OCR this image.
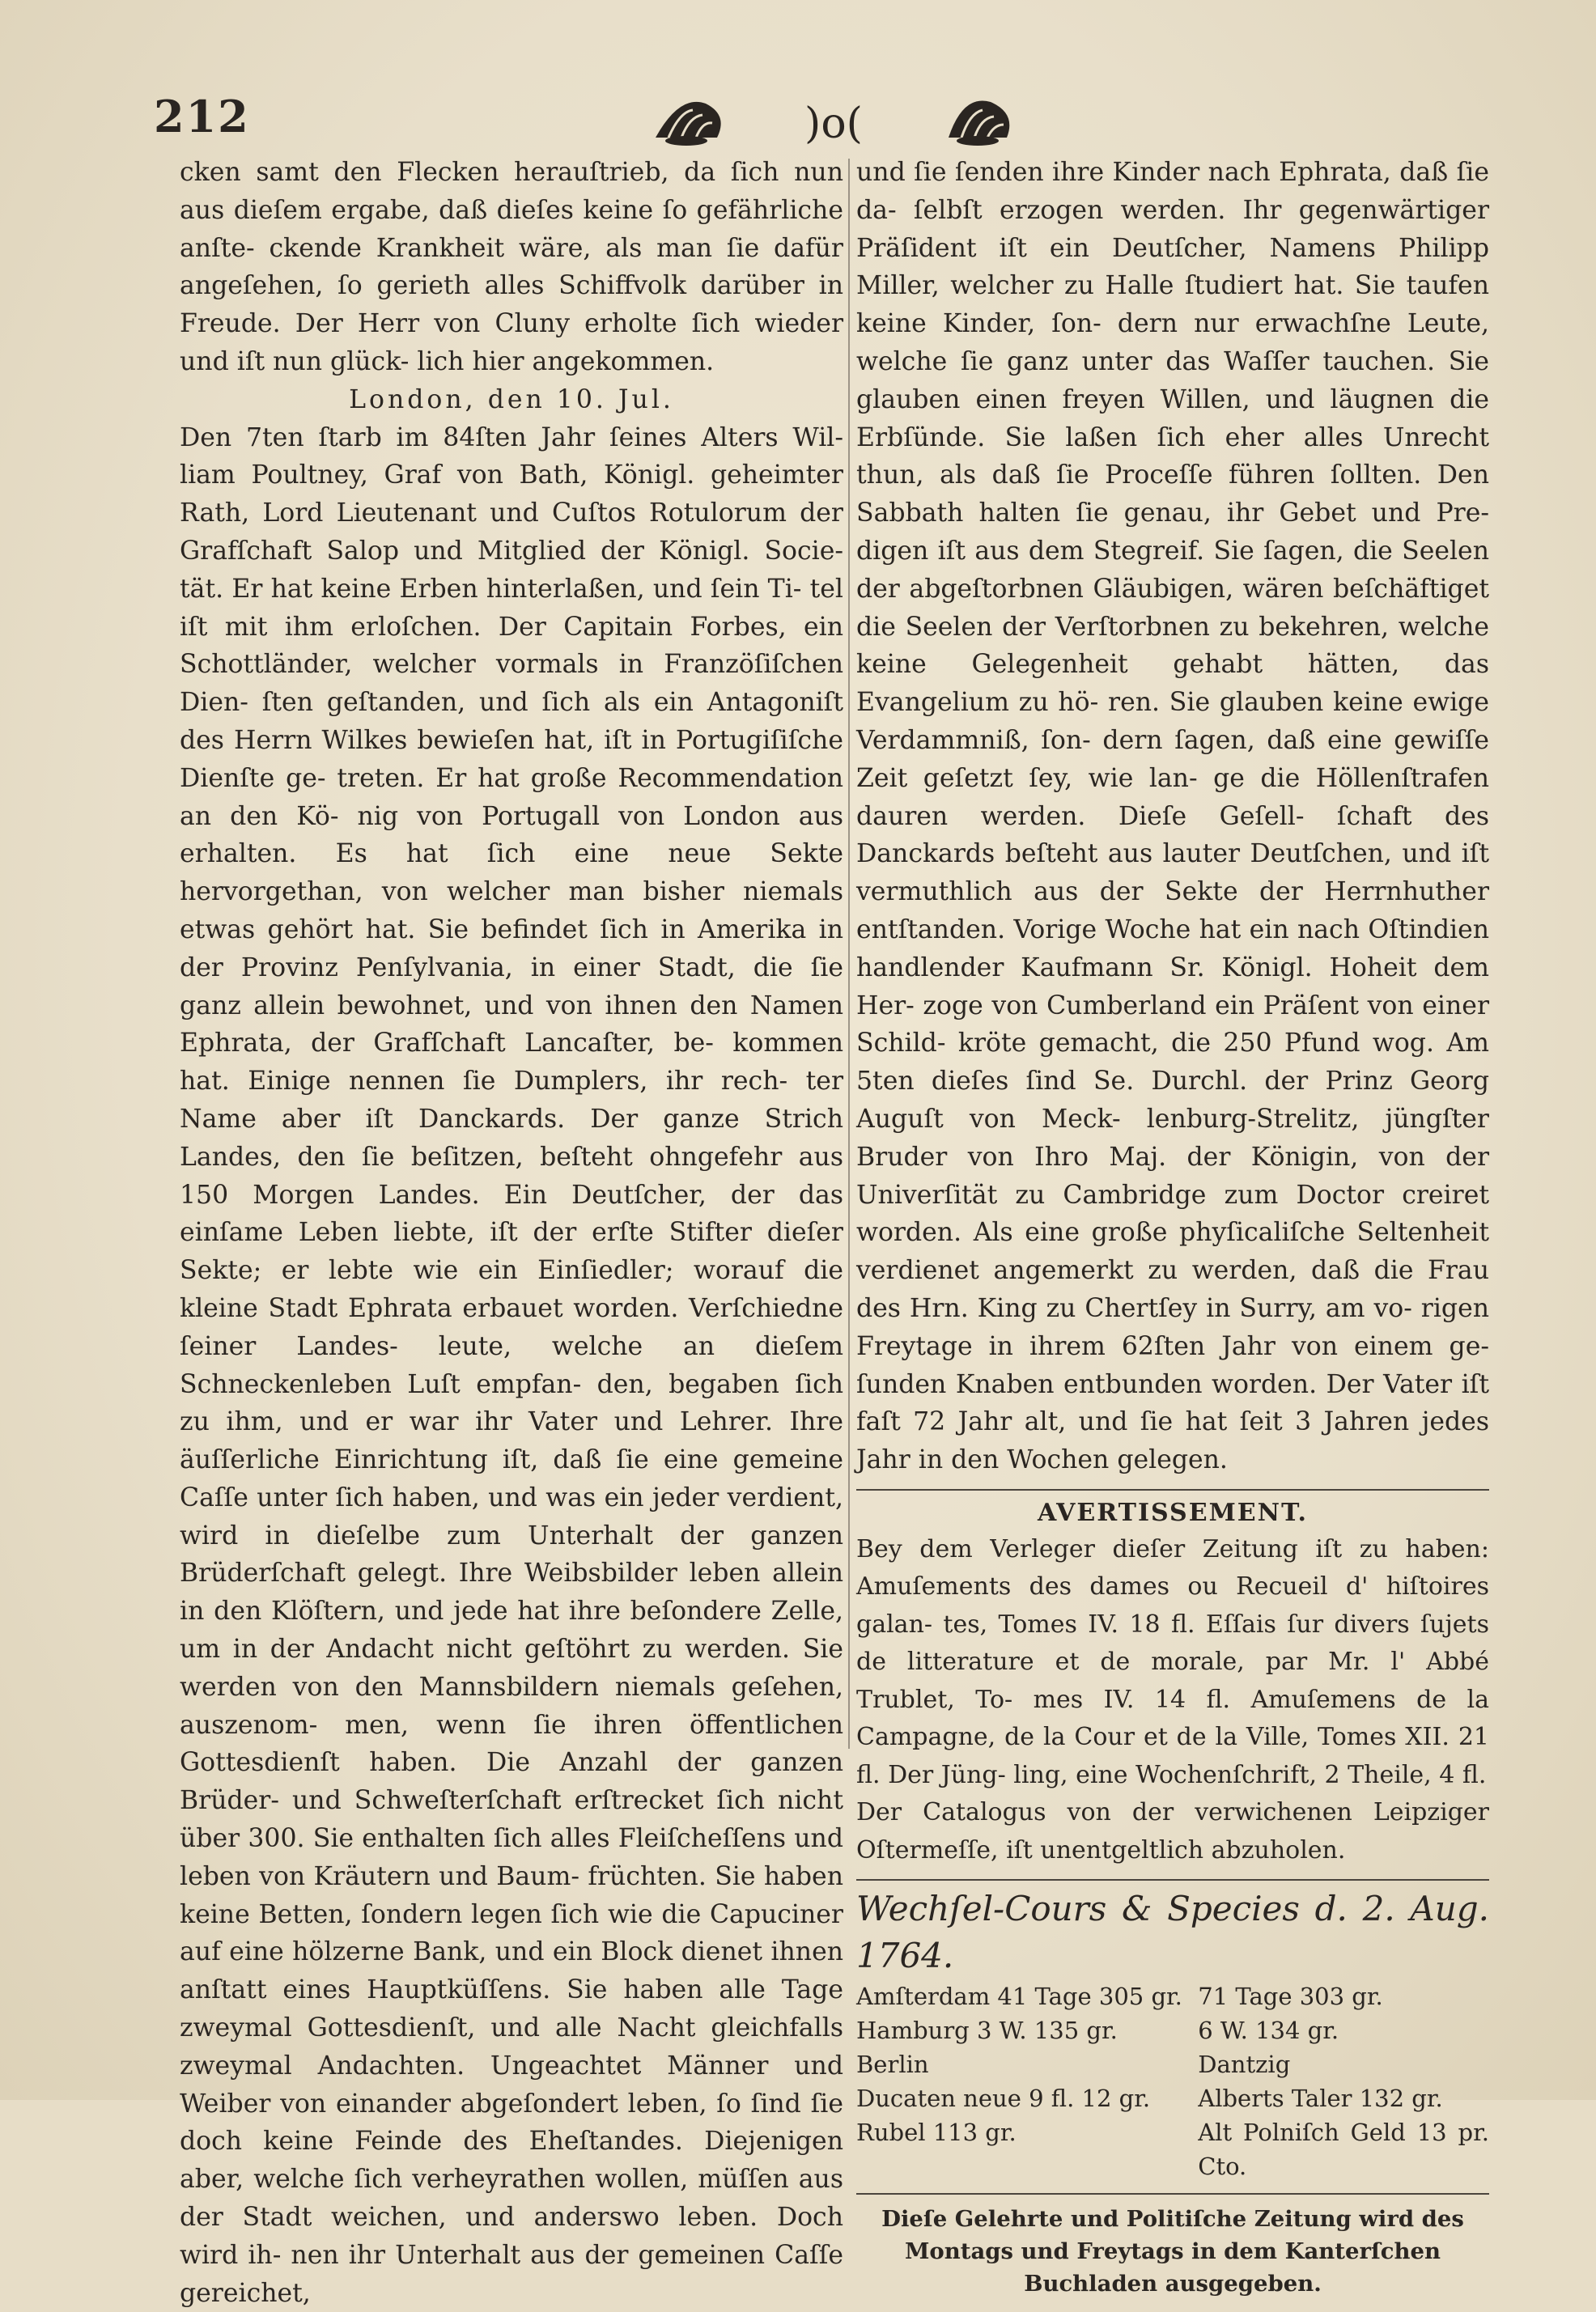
212	)o(

cken samt den Flecken herauſtrieb, da ſich nun aus dieſem ergabe, daß dieſes keine ſo gefährliche anſte- ckende Krankheit wäre, als man ſie dafür angeſehen, ſo gerieth alles Schiffvolk darüber in Freude. Der Herr von Cluny erholte ſich wieder und iſt nun glück- lich hier angekommen.

London, den 10. Jul.

Den 7ten ſtarb im 84ſten Jahr ſeines Alters Wil- liam Poultney, Graf von Bath, Königl. geheimter Rath, Lord Lieutenant und Cuſtos Rotulorum der Grafſchaft Salop und Mitglied der Königl. Socie- tät. Er hat keine Erben hinterlaßen, und ſein Ti- tel iſt mit ihm erloſchen. Der Capitain Forbes, ein Schottländer, welcher vormals in Franzöſiſchen Dien- ſten geſtanden, und ſich als ein Antagoniſt des Herrn Wilkes bewieſen hat, iſt in Portugiſiſche Dienſte ge- treten. Er hat große Recommendation an den Kö- nig von Portugall von London aus erhalten. Es hat ſich eine neue Sekte hervorgethan, von welcher man bisher niemals etwas gehört hat. Sie befindet ſich in Amerika in der Provinz Penſylvania, in einer Stadt, die ſie ganz allein bewohnet, und von ihnen den Namen Ephrata, der Grafſchaft Lancaſter, be- kommen hat. Einige nennen ſie Dumplers, ihr rech- ter Name aber iſt Danckards. Der ganze Strich Landes, den ſie beſitzen, beſteht ohngefehr aus 150 Morgen Landes. Ein Deutſcher, der das einſame Leben liebte, iſt der erſte Stifter dieſer Sekte; er lebte wie ein Einſiedler; worauf die kleine Stadt Ephrata erbauet worden. Verſchiedne ſeiner Landes- leute, welche an dieſem Schneckenleben Luſt empfan- den, begaben ſich zu ihm, und er war ihr Vater und Lehrer. Ihre äuſſerliche Einrichtung iſt, daß ſie eine gemeine Caſſe unter ſich haben, und was ein jeder verdient, wird in dieſelbe zum Unterhalt der ganzen Brüderſchaft gelegt. Ihre Weibsbilder leben allein in den Klöſtern, und jede hat ihre beſondere Zelle, um in der Andacht nicht geſtöhrt zu werden. Sie werden von den Mannsbildern niemals geſehen, auszenom- men, wenn ſie ihren öffentlichen Gottesdienſt haben. Die Anzahl der ganzen Brüder- und Schweſterſchaft erſtrecket ſich nicht über 300. Sie enthalten ſich alles Fleiſcheſſens und leben von Kräutern und Baum- früchten. Sie haben keine Betten, ſondern legen ſich wie die Capuciner auf eine hölzerne Bank, und ein Block dienet ihnen anſtatt eines Hauptküſſens. Sie haben alle Tage zweymal Gottesdienſt, und alle Nacht gleichfalls zweymal Andachten. Ungeachtet Männer und Weiber von einander abgeſondert leben, ſo ſind ſie doch keine Feinde des Eheſtandes. Diejenigen aber, welche ſich verheyrathen wollen, müſſen aus der Stadt weichen, und anderswo leben. Doch wird ih- nen ihr Unterhalt aus der gemeinen Caſſe gereichet,

und ſie ſenden ihre Kinder nach Ephrata, daß ſie da- ſelbſt erzogen werden. Ihr gegenwärtiger Präſident iſt ein Deutſcher, Namens Philipp Miller, welcher zu Halle ſtudiert hat. Sie taufen keine Kinder, ſon- dern nur erwachſne Leute, welche ſie ganz unter das Waſſer tauchen. Sie glauben einen freyen Willen, und läugnen die Erbſünde. Sie laßen ſich eher alles Unrecht thun, als daß ſie Proceſſe führen ſollten. Den Sabbath halten ſie genau, ihr Gebet und Pre- digen iſt aus dem Stegreif. Sie ſagen, die Seelen der abgeſtorbnen Gläubigen, wären beſchäftiget die Seelen der Verſtorbnen zu bekehren, welche keine Gelegenheit gehabt hätten, das Evangelium zu hö- ren. Sie glauben keine ewige Verdammniß, ſon- dern ſagen, daß eine gewiſſe Zeit geſetzt ſey, wie lan- ge die Höllenſtrafen dauren werden. Dieſe Geſell- ſchaft des Danckards beſteht aus lauter Deutſchen, und iſt vermuthlich aus der Sekte der Herrnhuther entſtanden. Vorige Woche hat ein nach Oſtindien handlender Kaufmann Sr. Königl. Hoheit dem Her- zoge von Cumberland ein Präſent von einer Schild- kröte gemacht, die 250 Pfund wog. Am 5ten dieſes ſind Se. Durchl. der Prinz Georg Auguſt von Meck- lenburg-Strelitz, jüngſter Bruder von Ihro Maj. der Königin, von der Univerſität zu Cambridge zum Doctor creiret worden. Als eine große phyſicaliſche Seltenheit verdienet angemerkt zu werden, daß die Frau des Hrn. King zu Chertſey in Surry, am vo- rigen Freytage in ihrem 62ſten Jahr von einem ge- ſunden Knaben entbunden worden. Der Vater iſt faſt 72 Jahr alt, und ſie hat ſeit 3 Jahren jedes Jahr in den Wochen gelegen.

AVERTISSEMENT.

Bey dem Verleger dieſer Zeitung iſt zu haben: Amuſements des dames ou Recueil d' hiſtoires galan- tes, Tomes IV. 18 fl. Eſſais ſur divers ſujets de litterature et de morale, par Mr. l' Abbé Trublet, To- mes IV. 14 fl. Amuſemens de la Campagne, de la Cour et de la Ville, Tomes XII. 21 fl. Der Jüng- ling, eine Wochenſchrift, 2 Theile, 4 fl.

Der Catalogus von der verwichenen Leipziger Oſtermeſſe, iſt unentgeltlich abzuholen.

Wechſel-Cours & Species d. 2. Aug. 1764.
Amſterdam 41 Tage 305 gr.	71 Tage 303 gr.
Hamburg 3 W. 135 gr.	6 W. 134 gr.
Berlin	Dantzig
Ducaten neue 9 fl. 12 gr.	Alberts Taler 132 gr.
Rubel 113 gr.	Alt Polniſch Geld 13 pr. Cto.
Dieſe Gelehrte und Politiſche Zeitung wird des Montags und Freytags in dem Kanterſchen Buchladen ausgegeben.
